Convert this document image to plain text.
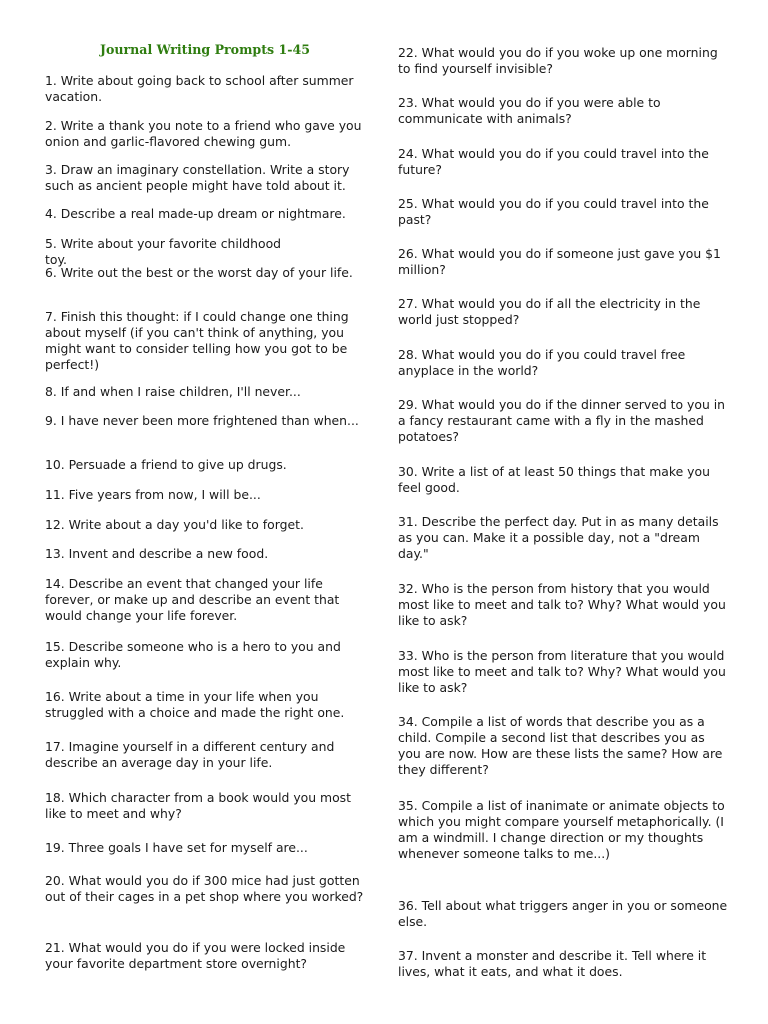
Journal Writing Prompts 1-45

1. Write about going back to school after summer vacation.

2. Write a thank you note to a friend who gave you onion and garlic-flavored chewing gum.

3. Draw an imaginary constellation. Write a story such as ancient people might have told about it.

4. Describe a real made-up dream or nightmare.

5. Write about your favorite childhood
toy.

6. Write out the best or the worst day of your life.

7. Finish this thought: if I could change one thing about myself (if you can't think of anything, you might want to consider telling how you got to be perfect!)

8. If and when I raise children, I'll never...

9. I have never been more frightened than when...

10. Persuade a friend to give up drugs.

11. Five years from now, I will be...

12. Write about a day you'd like to forget.

13. Invent and describe a new food.

14. Describe an event that changed your life forever, or make up and describe an event that would change your life forever.

15. Describe someone who is a hero to you and explain why.

16. Write about a time in your life when you struggled with a choice and made the right one.

17. Imagine yourself in a different century and describe an average day in your life.

18. Which character from a book would you most like to meet and why?

19. Three goals I have set for myself are...

20. What would you do if 300 mice had just gotten out of their cages in a pet shop where you worked?

21. What would you do if you were locked inside your favorite department store overnight?

22. What would you do if you woke up one morning to find yourself invisible?

23. What would you do if you were able to communicate with animals?

24. What would you do if you could travel into the future?

25. What would you do if you could travel into the past?

26. What would you do if someone just gave you $1 million?

27. What would you do if all the electricity in the world just stopped?

28. What would you do if you could travel free anyplace in the world?

29. What would you do if the dinner served to you in a fancy restaurant came with a fly in the mashed potatoes?

30. Write a list of at least 50 things that make you feel good.

31. Describe the perfect day. Put in as many details as you can. Make it a possible day, not a "dream day."

32. Who is the person from history that you would most like to meet and talk to? Why? What would you like to ask?

33. Who is the person from literature that you would most like to meet and talk to? Why? What would you like to ask?

34. Compile a list of words that describe you as a child. Compile a second list that describes you as you are now. How are these lists the same? How are they different?

35. Compile a list of inanimate or animate objects to which you might compare yourself metaphorically. (I am a windmill. I change direction or my thoughts whenever someone talks to me...)

36. Tell about what triggers anger in you or someone else.

37. Invent a monster and describe it. Tell where it lives, what it eats, and what it does.
